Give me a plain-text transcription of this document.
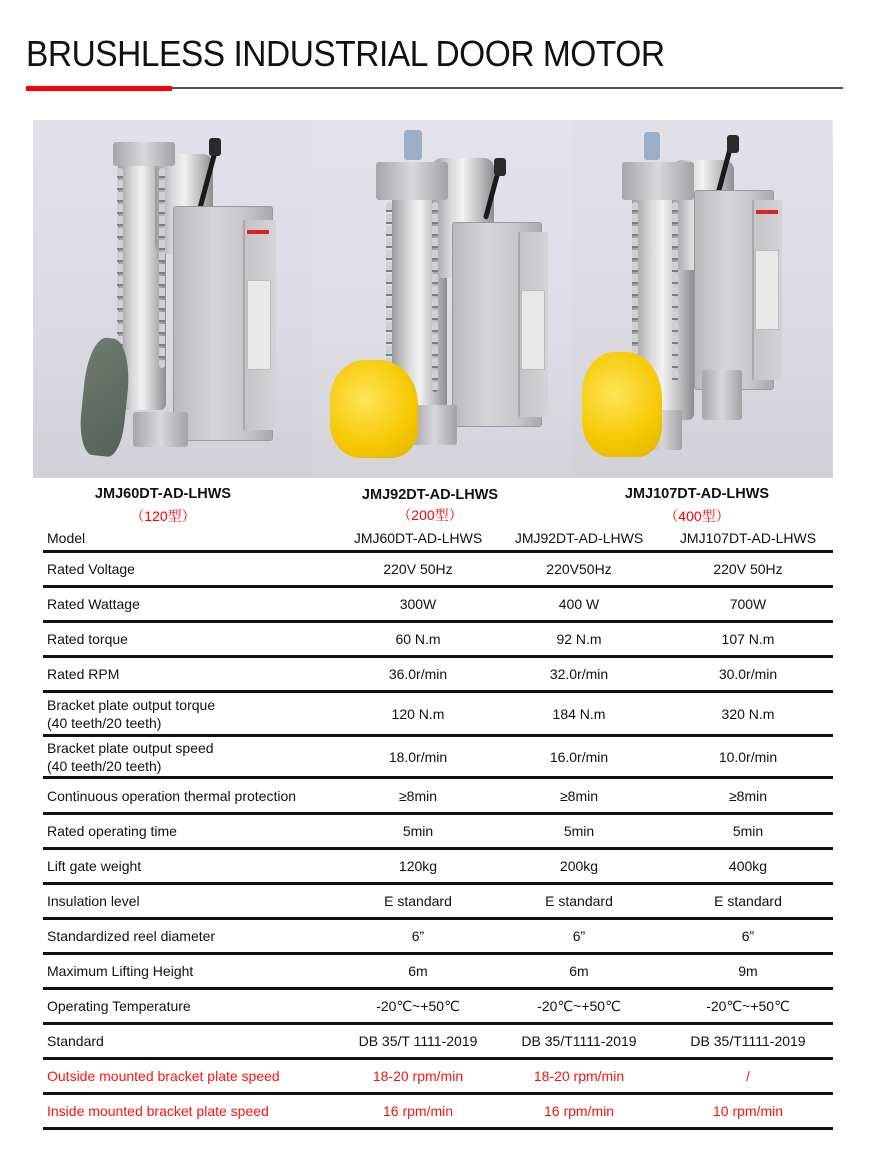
BRUSHLESS INDUSTRIAL DOOR MOTOR
JMJ60DT-AD-LHWS
（120型）
JMJ92DT-AD-LHWS
（200型）
JMJ107DT-AD-LHWS
（400型）
Model	JMJ60DT-AD-LHWS	JMJ92DT-AD-LHWS	JMJ107DT-AD-LHWS
Rated Voltage	220V 50Hz	220V50Hz	220V 50Hz
Rated Wattage	300W	400 W	700W
Rated torque	60 N.m	92 N.m	107 N.m
Rated RPM	36.0r/min	32.0r/min	30.0r/min
Bracket plate output torque
(40 teeth/20 teeth)
120 N.m	184 N.m	320 N.m
Bracket plate output speed
(40 teeth/20 teeth)
18.0r/min	16.0r/min	10.0r/min
Continuous operation thermal protection	≥8min	≥8min	≥8min
Rated operating time	5min	5min	5min
Lift gate weight	120kg	200kg	400kg
Insulation level	E standard	E standard	E standard
Standardized reel diameter	6”	6”	6”
Maximum Lifting Height	6m	6m	9m
Operating Temperature	-20℃~+50℃	-20℃~+50℃	-20℃~+50℃
Standard	DB 35/T 1111-2019	DB 35/T1111-2019	DB 35/T1111-2019
Outside mounted bracket plate speed	18-20 rpm/min	18-20 rpm/min	/
Inside mounted bracket plate speed	16 rpm/min	16 rpm/min	10 rpm/min
